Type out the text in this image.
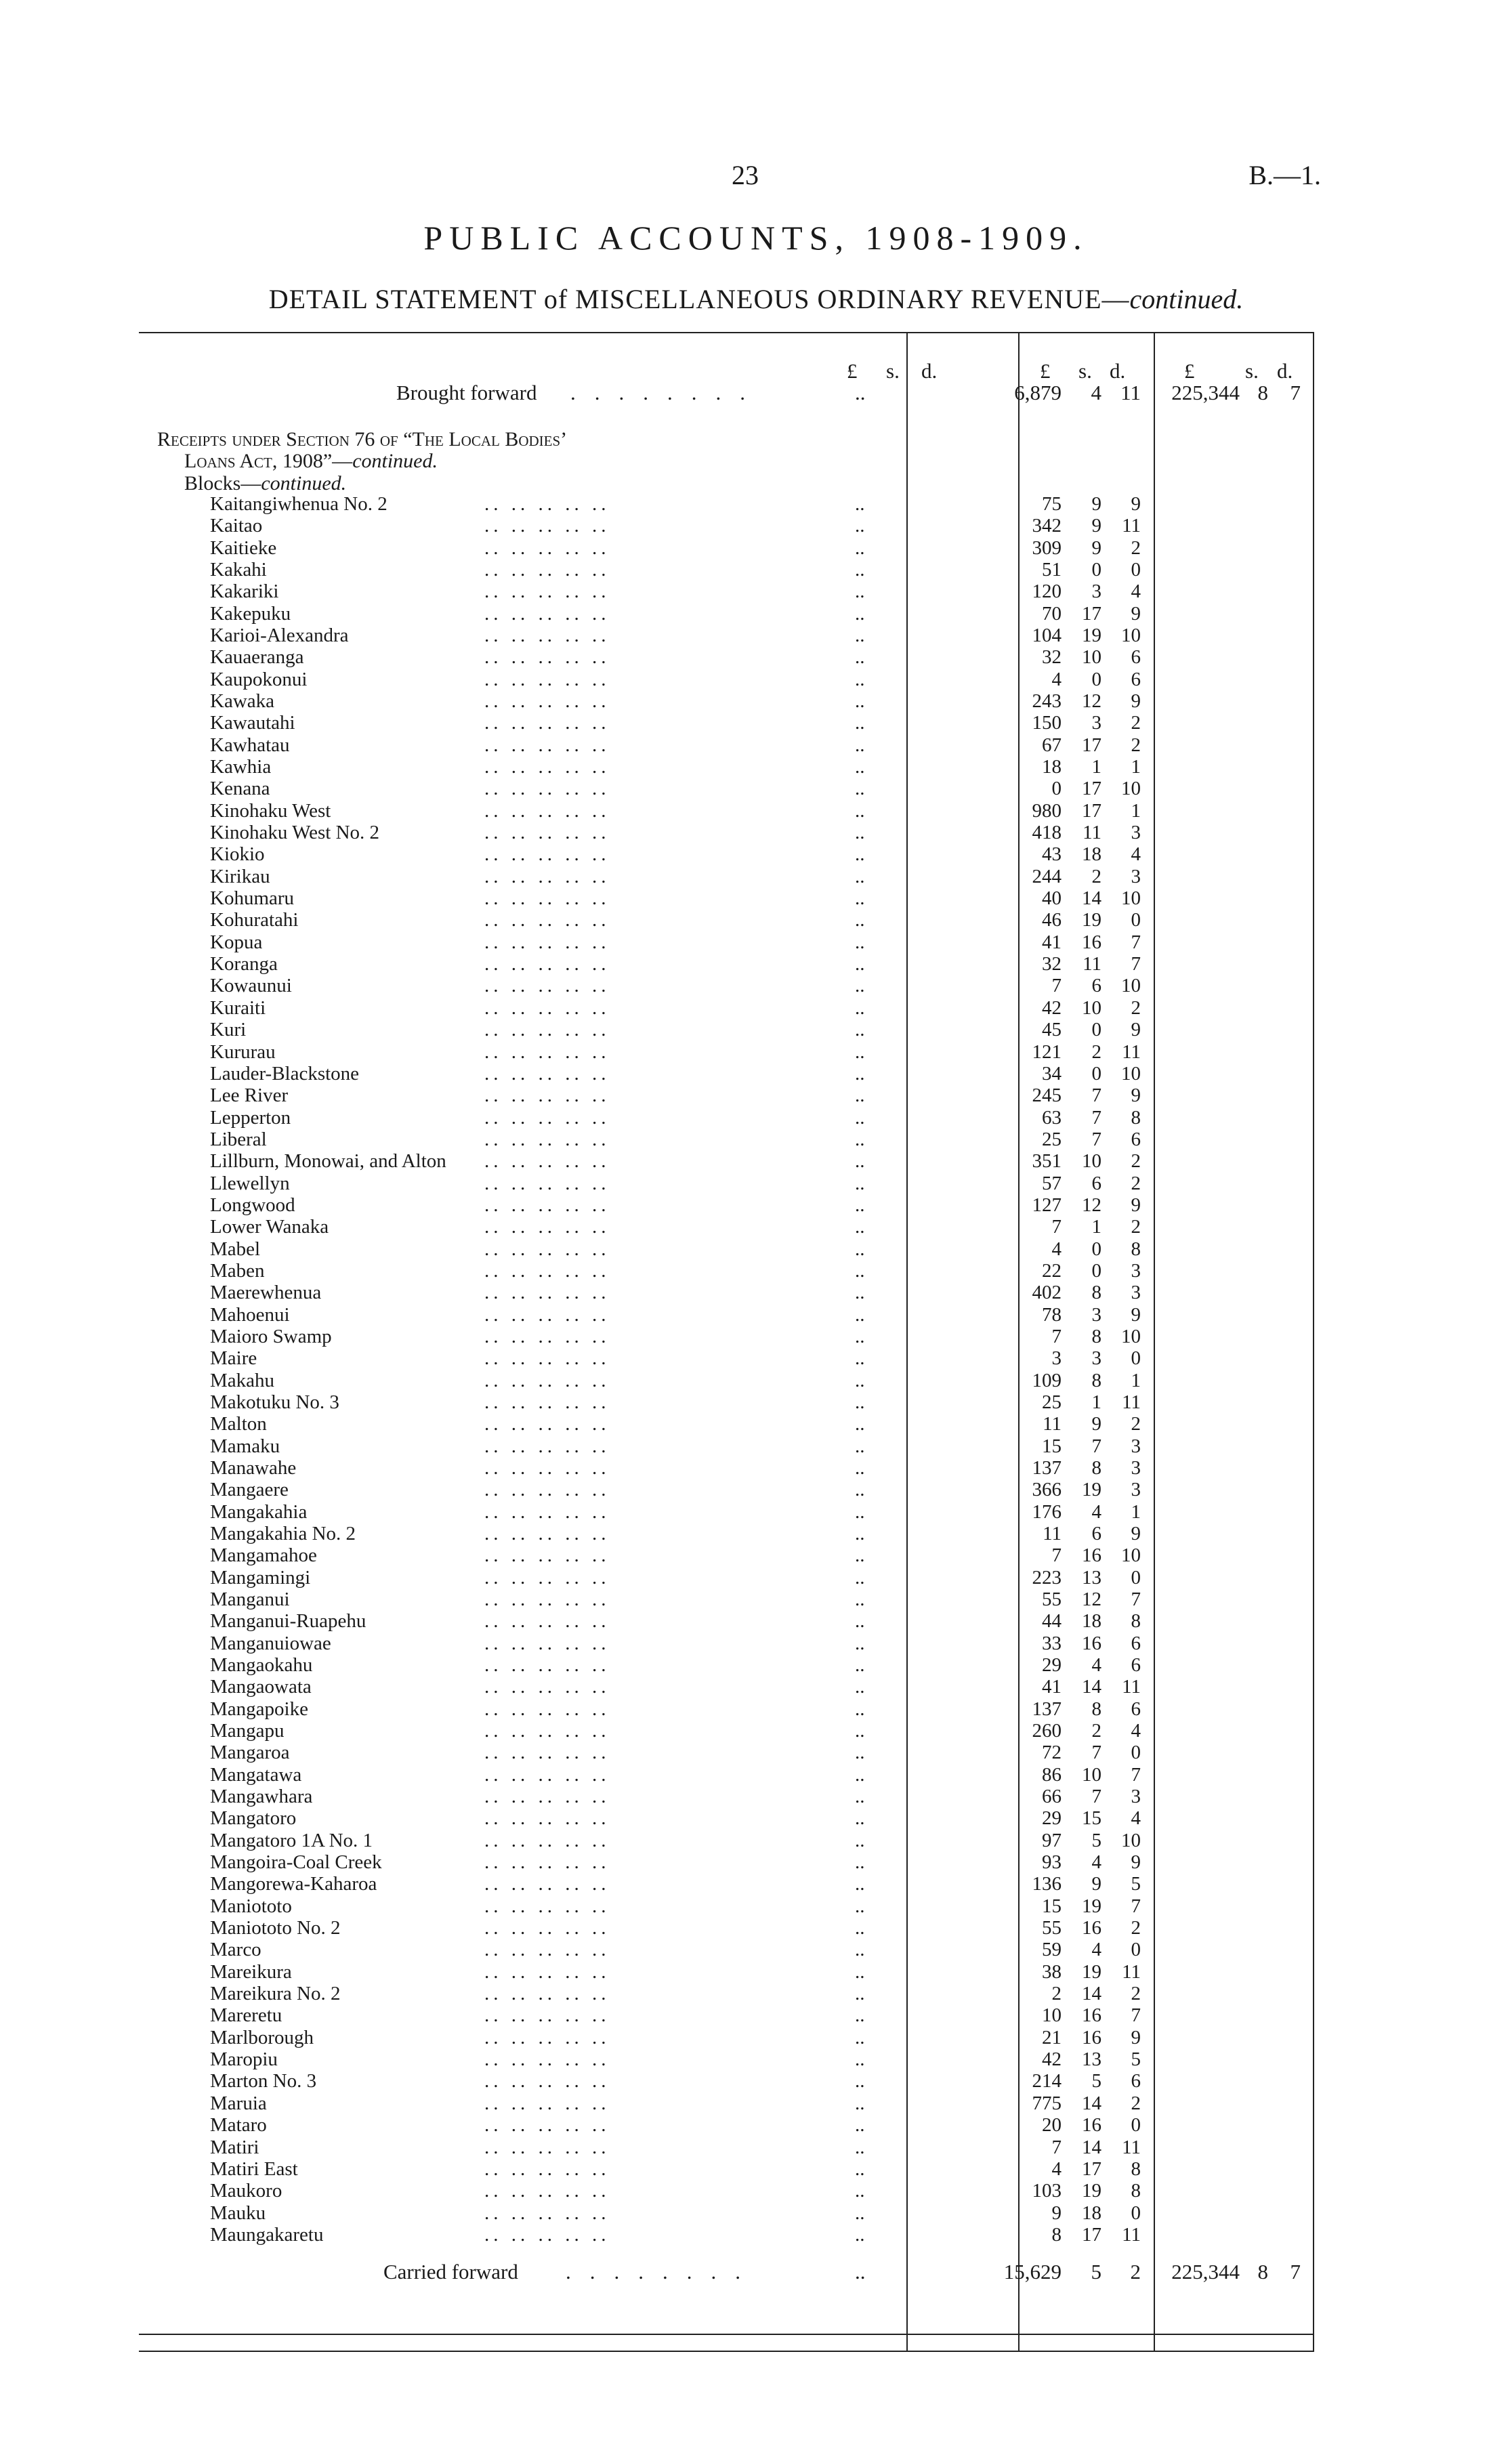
23	B.—1.
PUBLIC ACCOUNTS, 1908-1909.
DETAIL STATEMENT of MISCELLANEOUS ORDINARY REVENUE—continued.
£ s. d.	£ s. d.	£ s. d.
Brought forward ........	..	6,879	4 11	225,344 8	7
Receipts under Section 76 of “The Local Bodies’
Loans Act, 1908”—continued.
Blocks—continued.
Kaitangiwhenua No. 2	.. .. .. .. ..	..	75	9	9
Kaitao	.. .. .. .. ..	..	342	9	11
Kaitieke	.. .. .. .. ..	..	309	9	2
Kakahi	.. .. .. .. ..	..	51	0	0
Kakariki	.. .. .. .. ..	..	120	3	4
Kakepuku	.. .. .. .. ..	..	70	17	9
Karioi-Alexandra	.. .. .. .. ..	..	104	19	10
Kauaeranga	.. .. .. .. ..	..	32	10	6
Kaupokonui	.. .. .. .. ..	..	4	0	6
Kawaka	.. .. .. .. ..	..	243	12	9
Kawautahi	.. .. .. .. ..	..	150	3	2
Kawhatau	.. .. .. .. ..	..	67	17	2
Kawhia	.. .. .. .. ..	..	18	1	1
Kenana	.. .. .. .. ..	..	0	17	10
Kinohaku West	.. .. .. .. ..	..	980	17	1
Kinohaku West No. 2	.. .. .. .. ..	..	418	11	3
Kiokio	.. .. .. .. ..	..	43	18	4
Kirikau	.. .. .. .. ..	..	244	2	3
Kohumaru	.. .. .. .. ..	..	40	14	10
Kohuratahi	.. .. .. .. ..	..	46	19	0
Kopua	.. .. .. .. ..	..	41	16	7
Koranga	.. .. .. .. ..	..	32	11	7
Kowaunui	.. .. .. .. ..	..	7	6	10
Kuraiti	.. .. .. .. ..	..	42	10	2
Kuri	.. .. .. .. ..	..	45	0	9
Kururau	.. .. .. .. ..	..	121	2	11
Lauder-Blackstone	.. .. .. .. ..	..	34	0	10
Lee River	.. .. .. .. ..	..	245	7	9
Lepperton	.. .. .. .. ..	..	63	7	8
Liberal	.. .. .. .. ..	..	25	7	6
Lillburn, Monowai, and Alton .. .. .. .. ..	..	351	10	2
Llewellyn	.. .. .. .. ..	..	57	6	2
Longwood	.. .. .. .. ..	..	127	12	9
Lower Wanaka	.. .. .. .. ..	..	7	1	2
Mabel	.. .. .. .. ..	..	4	0	8
Maben	.. .. .. .. ..	..	22	0	3
Maerewhenua	.. .. .. .. ..	..	402	8	3
Mahoenui	.. .. .. .. ..	..	78	3	9
Maioro Swamp	.. .. .. .. ..	..	7	8	10
Maire	.. .. .. .. ..	..	3	3	0
Makahu	.. .. .. .. ..	..	109	8	1
Makotuku No. 3	.. .. .. .. ..	..	25	1	11
Malton	.. .. .. .. ..	..	11	9	2
Mamaku	.. .. .. .. ..	..	15	7	3
Manawahe	.. .. .. .. ..	..	137	8	3
Mangaere	.. .. .. .. ..	..	366	19	3
Mangakahia	.. .. .. .. ..	..	176	4	1
Mangakahia No. 2	.. .. .. .. ..	..	11	6	9
Mangamahoe	.. .. .. .. ..	..	7	16	10
Mangamingi	.. .. .. .. ..	..	223	13	0
Manganui	.. .. .. .. ..	..	55	12	7
Manganui-Ruapehu	.. .. .. .. ..	..	44	18	8
Manganuiowae	.. .. .. .. ..	..	33	16	6
Mangaokahu	.. .. .. .. ..	..	29	4	6
Mangaowata	.. .. .. .. ..	..	41	14	11
Mangapoike	.. .. .. .. ..	..	137	8	6
Mangapu	.. .. .. .. ..	..	260	2	4
Mangaroa	.. .. .. .. ..	..	72	7	0
Mangatawa	.. .. .. .. ..	..	86	10	7
Mangawhara	.. .. .. .. ..	..	66	7	3
Mangatoro	.. .. .. .. ..	..	29	15	4
Mangatoro 1A No. 1	.. .. .. .. ..	..	97	5	10
Mangoira-Coal Creek	.. .. .. .. ..	..	93	4	9
Mangorewa-Kaharoa	.. .. .. .. ..	..	136	9	5
Maniototo	.. .. .. .. ..	..	15	19	7
Maniototo No. 2	.. .. .. .. ..	..	55	16	2
Marco	.. .. .. .. ..	..	59	4	0
Mareikura	.. .. .. .. ..	..	38	19	11
Mareikura No. 2	.. .. .. .. ..	..	2	14	2
Mareretu	.. .. .. .. ..	..	10	16	7
Marlborough	.. .. .. .. ..	..	21	16	9
Maropiu	.. .. .. .. ..	..	42	13	5
Marton No. 3	.. .. .. .. ..	..	214	5	6
Maruia	.. .. .. .. ..	..	775	14	2
Mataro	.. .. .. .. ..	..	20	16	0
Matiri	.. .. .. .. ..	..	7	14	11
Matiri East	.. .. .. .. ..	..	4	17	8
Maukoro	.. .. .. .. ..	..	103	19	8
Mauku	.. .. .. .. ..	..	9	18	0
Maungakaretu	.. .. .. .. ..	..	8	17	11
Carried forward ........	..	15,629	5	2	225,344 8	7
